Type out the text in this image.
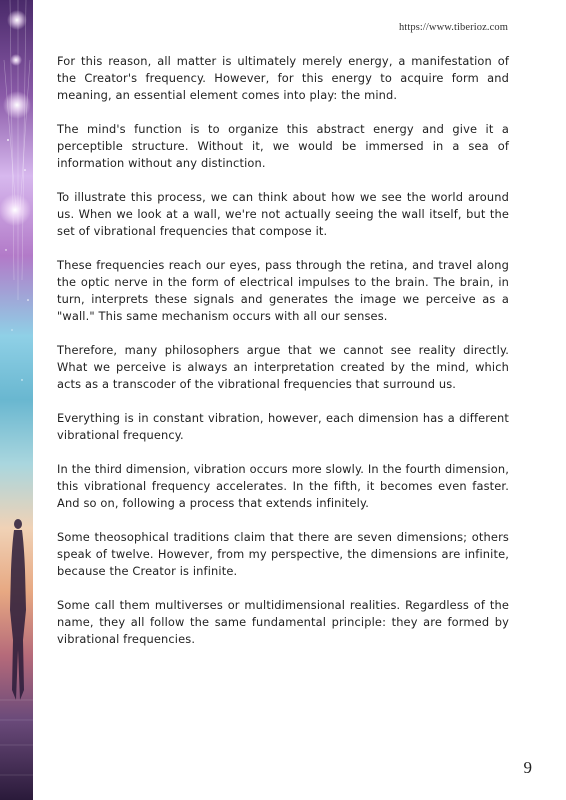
https://www.tiberioz.com

For this reason, all matter is ultimately merely energy, a manifestation of the Creator's frequency. However, for this energy to acquire form and meaning, an essential element comes into play: the mind.

The mind's function is to organize this abstract energy and give it a perceptible structure. Without it, we would be immersed in a sea of information without any distinction.

To illustrate this process, we can think about how we see the world around us. When we look at a wall, we're not actually seeing the wall itself, but the set of vibrational frequencies that compose it.

These frequencies reach our eyes, pass through the retina, and travel along the optic nerve in the form of electrical impulses to the brain. The brain, in turn, interprets these signals and generates the image we perceive as a "wall." This same mechanism occurs with all our senses.

Therefore, many philosophers argue that we cannot see reality directly. What we perceive is always an interpretation created by the mind, which acts as a transcoder of the vibrational frequencies that surround us.

Everything is in constant vibration, however, each dimension has a different vibrational frequency.

In the third dimension, vibration occurs more slowly. In the fourth dimension, this vibrational frequency accelerates. In the fifth, it becomes even faster. And so on, following a process that extends infinitely.

Some theosophical traditions claim that there are seven dimensions; others speak of twelve. However, from my perspective, the dimensions are infinite, because the Creator is infinite.

Some call them multiverses or multidimensional realities. Regardless of the name, they all follow the same fundamental principle: they are formed by vibrational frequencies.

9
